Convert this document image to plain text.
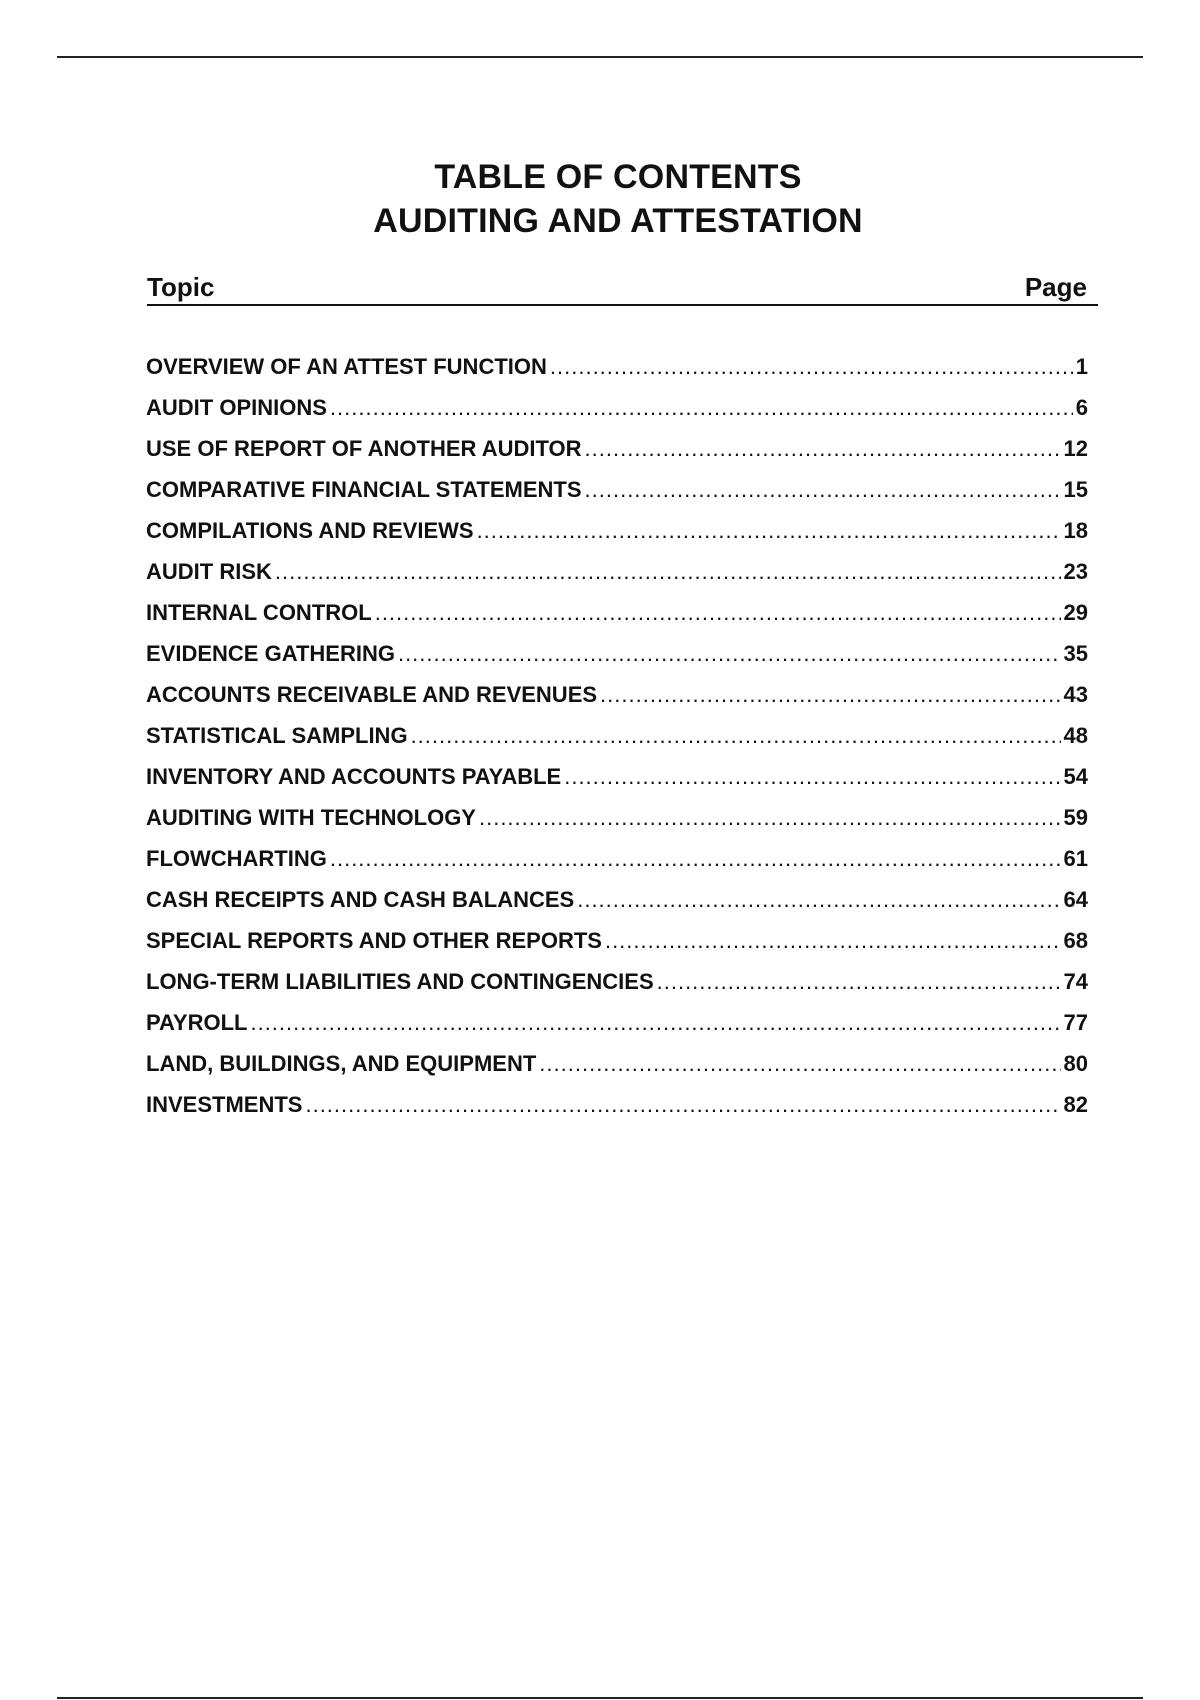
TABLE OF CONTENTS
AUDITING AND ATTESTATION
Topic	Page
OVERVIEW OF AN ATTEST FUNCTION .....	1
AUDIT OPINIONS .....	6
USE OF REPORT OF ANOTHER AUDITOR .....	12
COMPARATIVE FINANCIAL STATEMENTS .....	15
COMPILATIONS AND REVIEWS .....	18
AUDIT RISK .....	23
INTERNAL CONTROL .....	29
EVIDENCE GATHERING .....	35
ACCOUNTS RECEIVABLE AND REVENUES .....	43
STATISTICAL SAMPLING .....	48
INVENTORY AND ACCOUNTS PAYABLE .....	54
AUDITING WITH TECHNOLOGY .....	59
FLOWCHARTING .....	61
CASH RECEIPTS AND CASH BALANCES .....	64
SPECIAL REPORTS AND OTHER REPORTS .....	68
LONG-TERM LIABILITIES AND CONTINGENCIES .....	74
PAYROLL .....	77
LAND, BUILDINGS, AND EQUIPMENT .....	80
INVESTMENTS .....	82
